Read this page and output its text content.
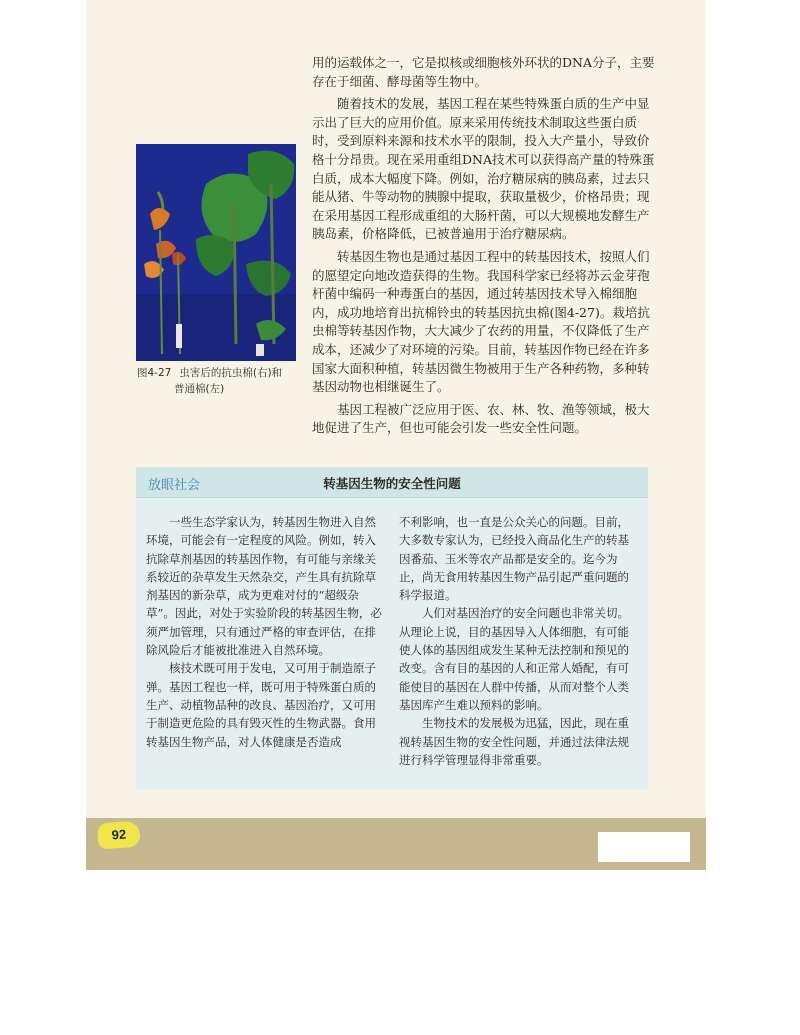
用的运载体之一，它是拟核或细胞核外环状的DNA分子，主要存在于细菌、酵母菌等生物中。

随着技术的发展，基因工程在某些特殊蛋白质的生产中显示出了巨大的应用价值。原来采用传统技术制取这些蛋白质时，受到原料来源和技术水平的限制，投入大产量小，导致价格十分昂贵。现在采用重组DNA技术可以获得高产量的特殊蛋白质，成本大幅度下降。例如，治疗糖尿病的胰岛素，过去只能从猪、牛等动物的胰腺中提取，获取量极少，价格昂贵；现在采用基因工程形成重组的大肠杆菌，可以大规模地发酵生产胰岛素，价格降低，已被普遍用于治疗糖尿病。

转基因生物也是通过基因工程中的转基因技术，按照人们的愿望定向地改造获得的生物。我国科学家已经将苏云金芽孢杆菌中编码一种毒蛋白的基因，通过转基因技术导入棉细胞内，成功地培育出抗棉铃虫的转基因抗虫棉(图4-27)。栽培抗虫棉等转基因作物，大大减少了农药的用量，不仅降低了生产成本，还减少了对环境的污染。目前，转基因作物已经在许多国家大面积种植，转基因微生物被用于生产各种药物，多种转基因动物也相继诞生了。

基因工程被广泛应用于医、农、林、牧、渔等领域，极大地促进了生产，但也可能会引发一些安全性问题。

图4-27 虫害后的抗虫棉(右)和
普通棉(左)
放眼社会	转基因生物的安全性问题

一些生态学家认为，转基因生物进入自然环境，可能会有一定程度的风险。例如，转入抗除草剂基因的转基因作物，有可能与亲缘关系较近的杂草发生天然杂交，产生具有抗除草剂基因的新杂草，成为更难对付的“超级杂草”。因此，对处于实验阶段的转基因生物，必须严加管理，只有通过严格的审查评估，在排除风险后才能被批准进入自然环境。

核技术既可用于发电，又可用于制造原子弹。基因工程也一样，既可用于特殊蛋白质的生产、动植物品种的改良、基因治疗，又可用于制造更危险的具有毁灭性的生物武器。食用转基因生物产品，对人体健康是否造成

不利影响，也一直是公众关心的问题。目前，大多数专家认为，已经投入商品化生产的转基因番茄、玉米等农产品都是安全的。迄今为止，尚无食用转基因生物产品引起严重问题的科学报道。

人们对基因治疗的安全问题也非常关切。从理论上说，目的基因导入人体细胞，有可能使人体的基因组成发生某种无法控制和预见的改变。含有目的基因的人和正常人婚配，有可能使目的基因在人群中传播，从而对整个人类基因库产生难以预料的影响。

生物技术的发展极为迅猛，因此，现在重视转基因生物的安全性问题，并通过法律法规进行科学管理显得非常重要。

92
